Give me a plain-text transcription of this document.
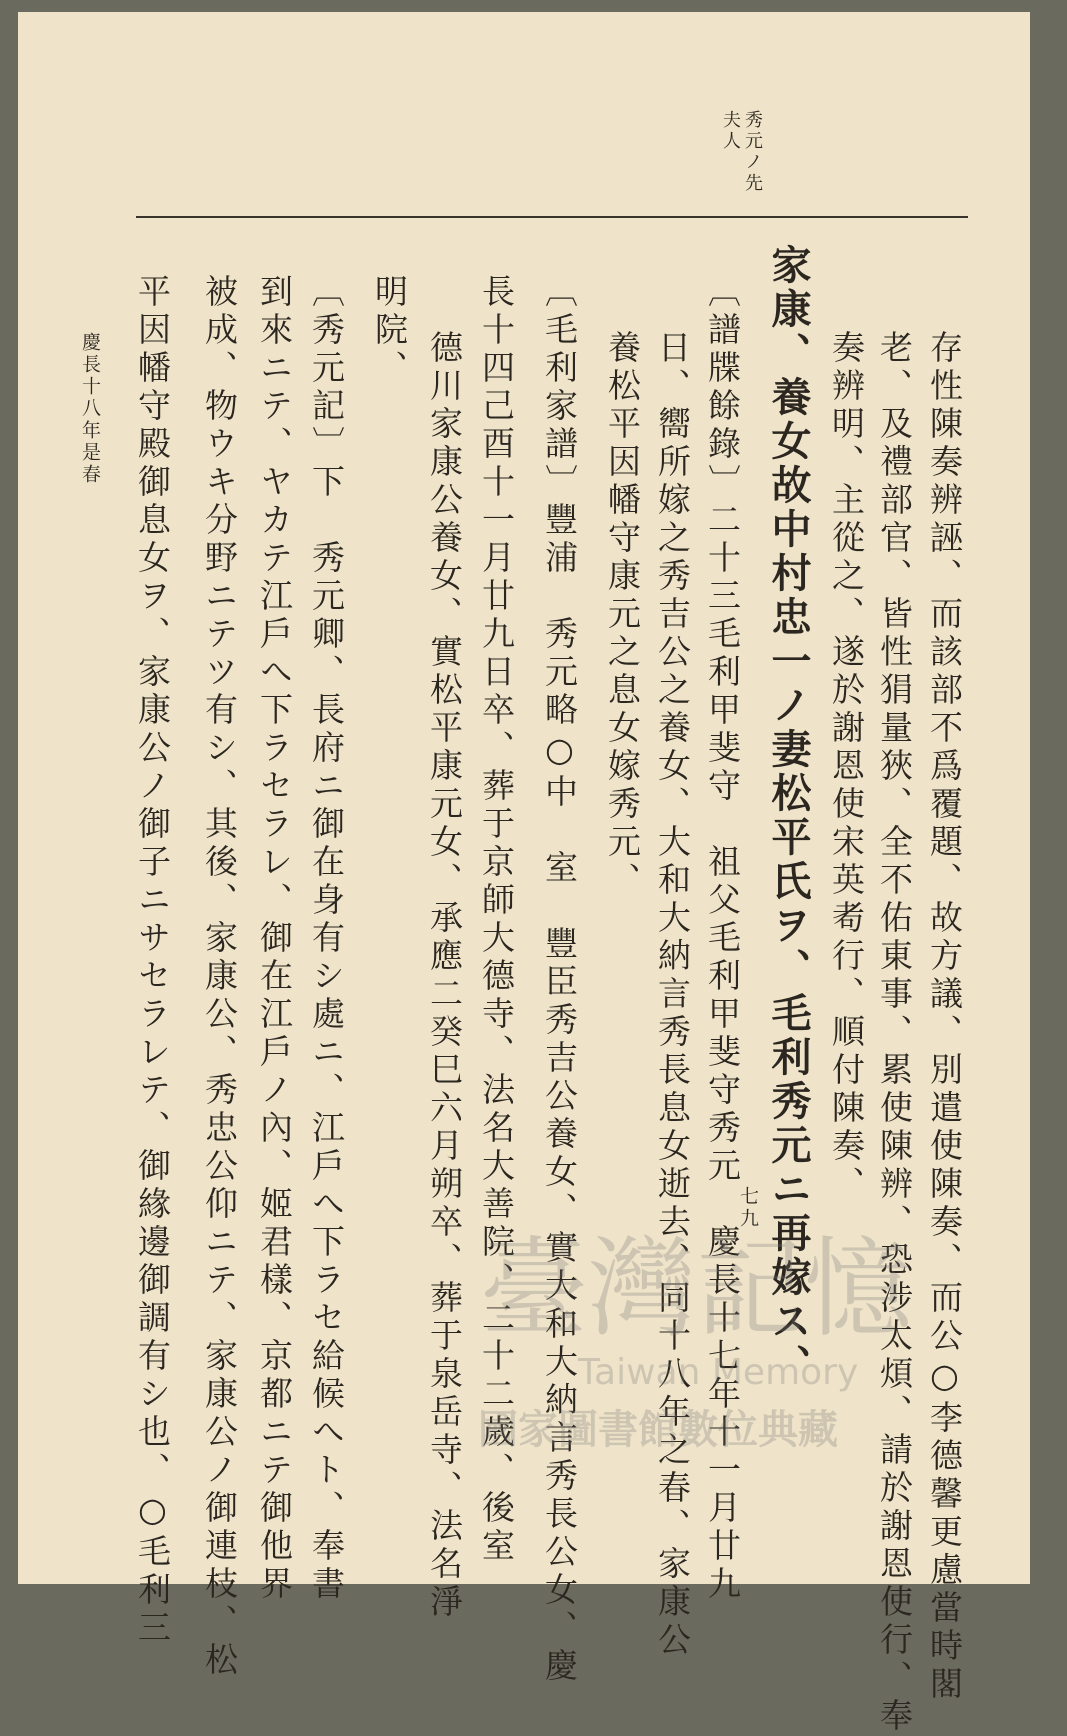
秀元ノ先
夫人
存性陳奏辨誣、而該部不爲覆題、故方議、別遣使陳奏、而公○李德馨更慮當時閣
老、及禮部官、皆性狷量狹、全不佑東事、累使陳辨、恐涉太煩、請於謝恩使行、奉
奏辨明、主從之、遂於謝恩使宋英耇行、順付陳奏、
家康、養女故中村忠一ノ妻松平氏ヲ、毛利秀元ニ再嫁ス、
〔譜牒餘錄〕二十三毛利甲斐守　祖父毛利甲斐守秀元　慶長十七年十一月廿九
日、嚮所嫁之秀吉公之養女、大和大納言秀長息女逝去、同十八年之春、家康公
養松平因幡守康元之息女嫁秀元、
〔毛利家譜〕豐浦　秀元略○中　室　豐臣秀吉公養女、實大和大納言秀長公女、慶
長十四己酉十一月廿九日卒、葬于京師大德寺、法名大善院、二十二歲、後室
德川家康公養女、實松平康元女、承應二癸巳六月朔卒、葬于泉岳寺、法名淨
明院、
〔秀元記〕下　秀元卿、長府ニ御在身有シ處ニ、江戶へ下ラセ給候へト、奉書
到來ニテ、ヤカテ江戶へ下ラセラレ、御在江戶ノ內、姬君樣、京都ニテ御他界
被成、物ウキ分野ニテツ有シ、其後、家康公、秀忠公仰ニテ、家康公ノ御連枝、松
平因幡守殿御息女ヲ、家康公ノ御子ニサセラレテ、御緣邊御調有シ也、○毛利三
慶長十八年是春
七九
臺灣記憶
Taiwan Memory
國家圖書館數位典藏
